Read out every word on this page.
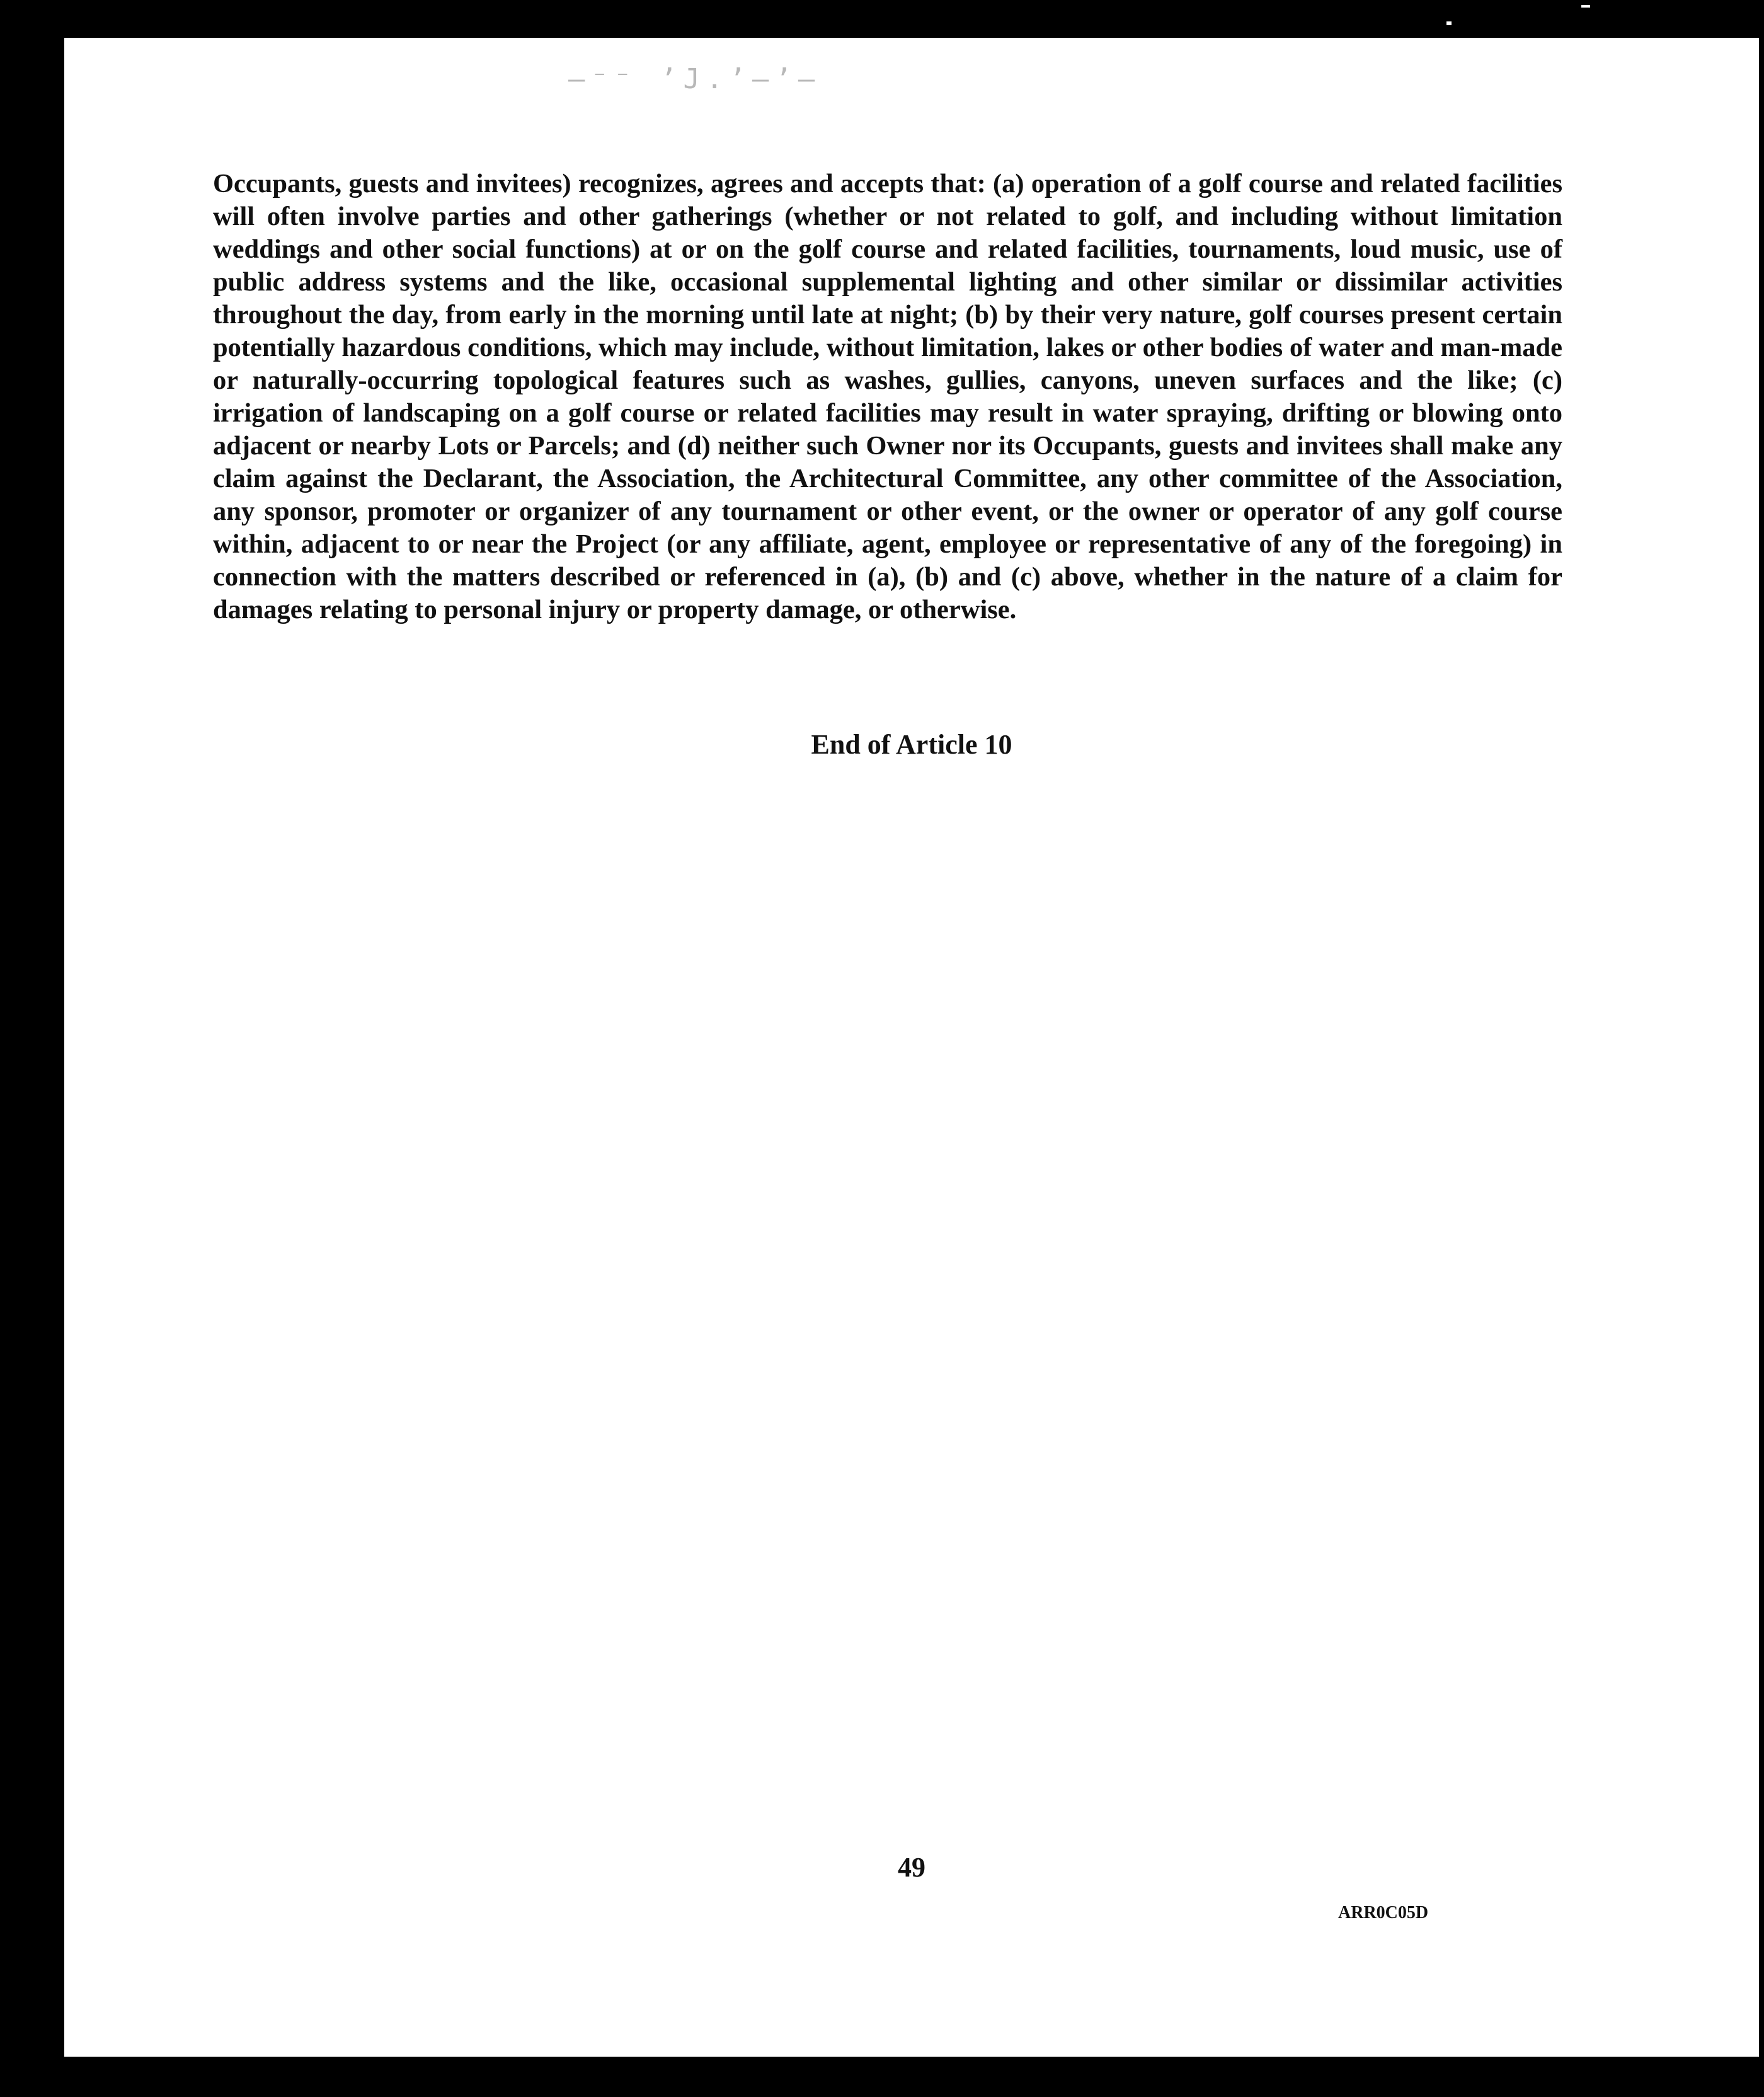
–⁻⁻ ʼJ.ʼ–ʼ–

Occupants, guests and invitees) recognizes, agrees and accepts that: (a) operation of a golf course and related facilities will often involve parties and other gatherings (whether or not related to golf, and including without limitation weddings and other social functions) at or on the golf course and related facilities, tournaments, loud music, use of public address systems and the like, occasional supplemental lighting and other similar or dissimilar activities throughout the day, from early in the morning until late at night; (b) by their very nature, golf courses present certain potentially hazardous conditions, which may include, without limitation, lakes or other bodies of water and man-made or naturally-occurring topological features such as washes, gullies, canyons, uneven surfaces and the like; (c) irrigation of landscaping on a golf course or related facilities may result in water spraying, drifting or blowing onto adjacent or nearby Lots or Parcels; and (d) neither such Owner nor its Occupants, guests and invitees shall make any claim against the Declarant, the Association, the Architectural Committee, any other committee of the Association, any sponsor, promoter or organizer of any tournament or other event, or the owner or operator of any golf course within, adjacent to or near the Project (or any affiliate, agent, employee or representative of any of the foregoing) in connection with the matters described or referenced in (a), (b) and (c) above, whether in the nature of a claim for damages relating to personal injury or property damage, or otherwise.

End of Article 10
49
ARR0C05D
